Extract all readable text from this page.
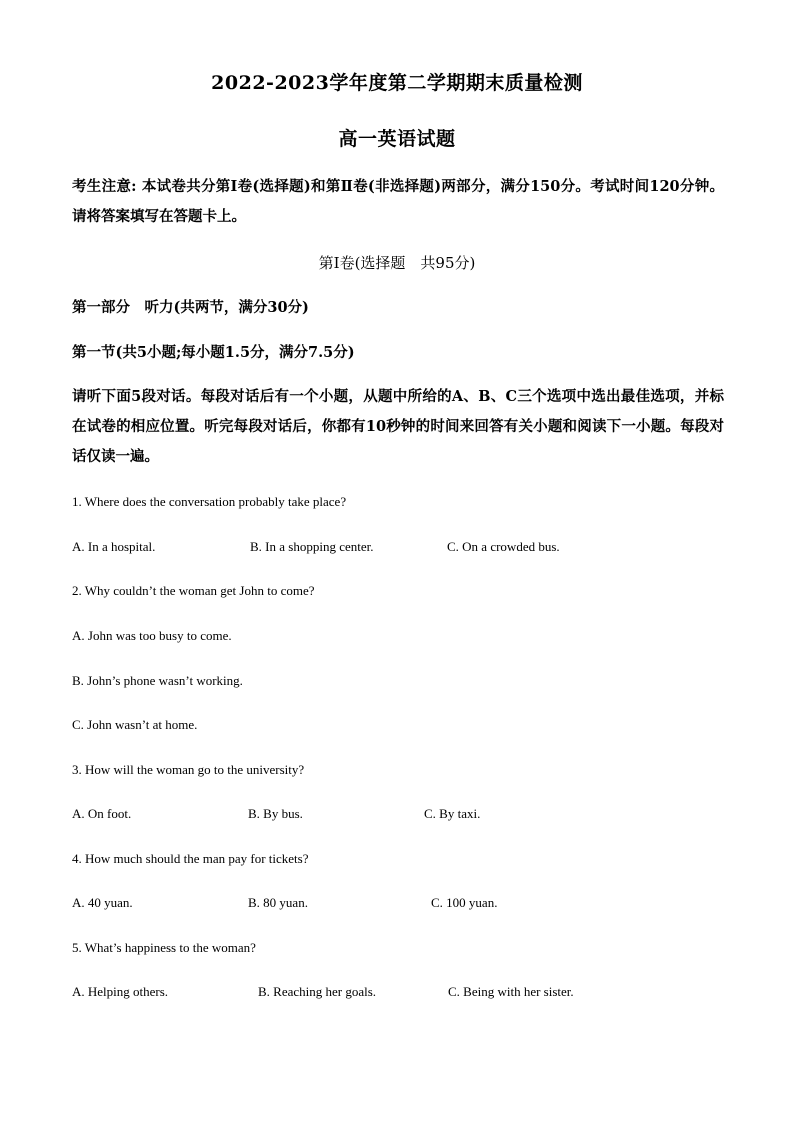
2022-2023学年度第二学期期末质量检测
高一英语试题
考生注意: 本试卷共分第Ⅰ卷(选择题)和第Ⅱ卷(非选择题)两部分，满分150分。考试时间120分钟。请将答案填写在答题卡上。
第Ⅰ卷(选择题　共95分)
第一部分　听力(共两节，满分30分)
第一节(共5小题;每小题1.5分，满分7.5分)
请听下面5段对话。每段对话后有一个小题，从题中所给的A、B、C三个选项中选出最佳选项，并标在试卷的相应位置。听完每段对话后，你都有10秒钟的时间来回答有关小题和阅读下一小题。每段对话仅读一遍。
1. Where does the conversation probably take place?
A. In a hospital.	B. In a shopping center.	C. On a crowded bus.
2. Why couldn’t the woman get John to come?
A. John was too busy to come.
B. John’s phone wasn’t working.
C. John wasn’t at home.
3. How will the woman go to the university?
A. On foot.	B. By bus.	C. By taxi.
4. How much should the man pay for tickets?
A. 40 yuan.	B. 80 yuan.	C. 100 yuan.
5. What’s happiness to the woman?
A. Helping others.	B. Reaching her goals.	C. Being with her sister.
